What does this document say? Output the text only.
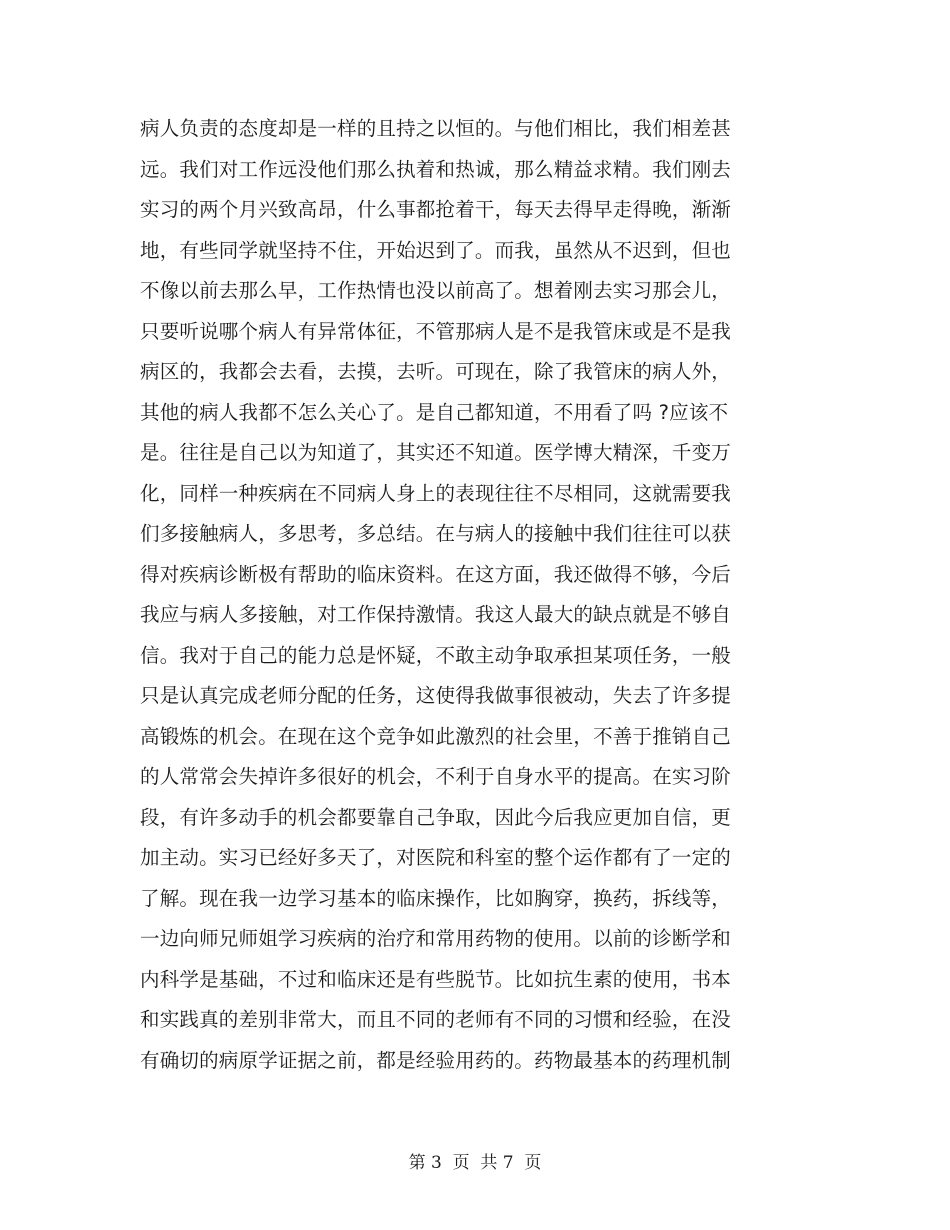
病人负责的态度却是一样的且持之以恒的。与他们相比，我们相差甚
远。我们对工作远没他们那么执着和热诚，那么精益求精。我们刚去
实习的两个月兴致高昂，什么事都抢着干，每天去得早走得晚，渐渐
地，有些同学就坚持不住，开始迟到了。而我，虽然从不迟到，但也
不像以前去那么早，工作热情也没以前高了。想着刚去实习那会儿，
只要听说哪个病人有异常体征，不管那病人是不是我管床或是不是我
病区的，我都会去看，去摸，去听。可现在，除了我管床的病人外，
其他的病人我都不怎么关心了。是自己都知道，不用看了吗 ?应该不
是。往往是自己以为知道了，其实还不知道。医学博大精深，千变万
化，同样一种疾病在不同病人身上的表现往往不尽相同，这就需要我
们多接触病人，多思考，多总结。在与病人的接触中我们往往可以获
得对疾病诊断极有帮助的临床资料。在这方面，我还做得不够，今后
我应与病人多接触，对工作保持激情。我这人最大的缺点就是不够自
信。我对于自己的能力总是怀疑，不敢主动争取承担某项任务，一般
只是认真完成老师分配的任务，这使得我做事很被动，失去了许多提
高锻炼的机会。在现在这个竞争如此激烈的社会里，不善于推销自己
的人常常会失掉许多很好的机会，不利于自身水平的提高。在实习阶
段，有许多动手的机会都要靠自己争取，因此今后我应更加自信，更
加主动。实习已经好多天了，对医院和科室的整个运作都有了一定的
了解。现在我一边学习基本的临床操作，比如胸穿，换药，拆线等，
一边向师兄师姐学习疾病的治疗和常用药物的使用。以前的诊断学和
内科学是基础，不过和临床还是有些脱节。比如抗生素的使用，书本
和实践真的差别非常大，而且不同的老师有不同的习惯和经验，在没
有确切的病原学证据之前，都是经验用药的。药物最基本的药理机制
第 3  页  共 7  页
